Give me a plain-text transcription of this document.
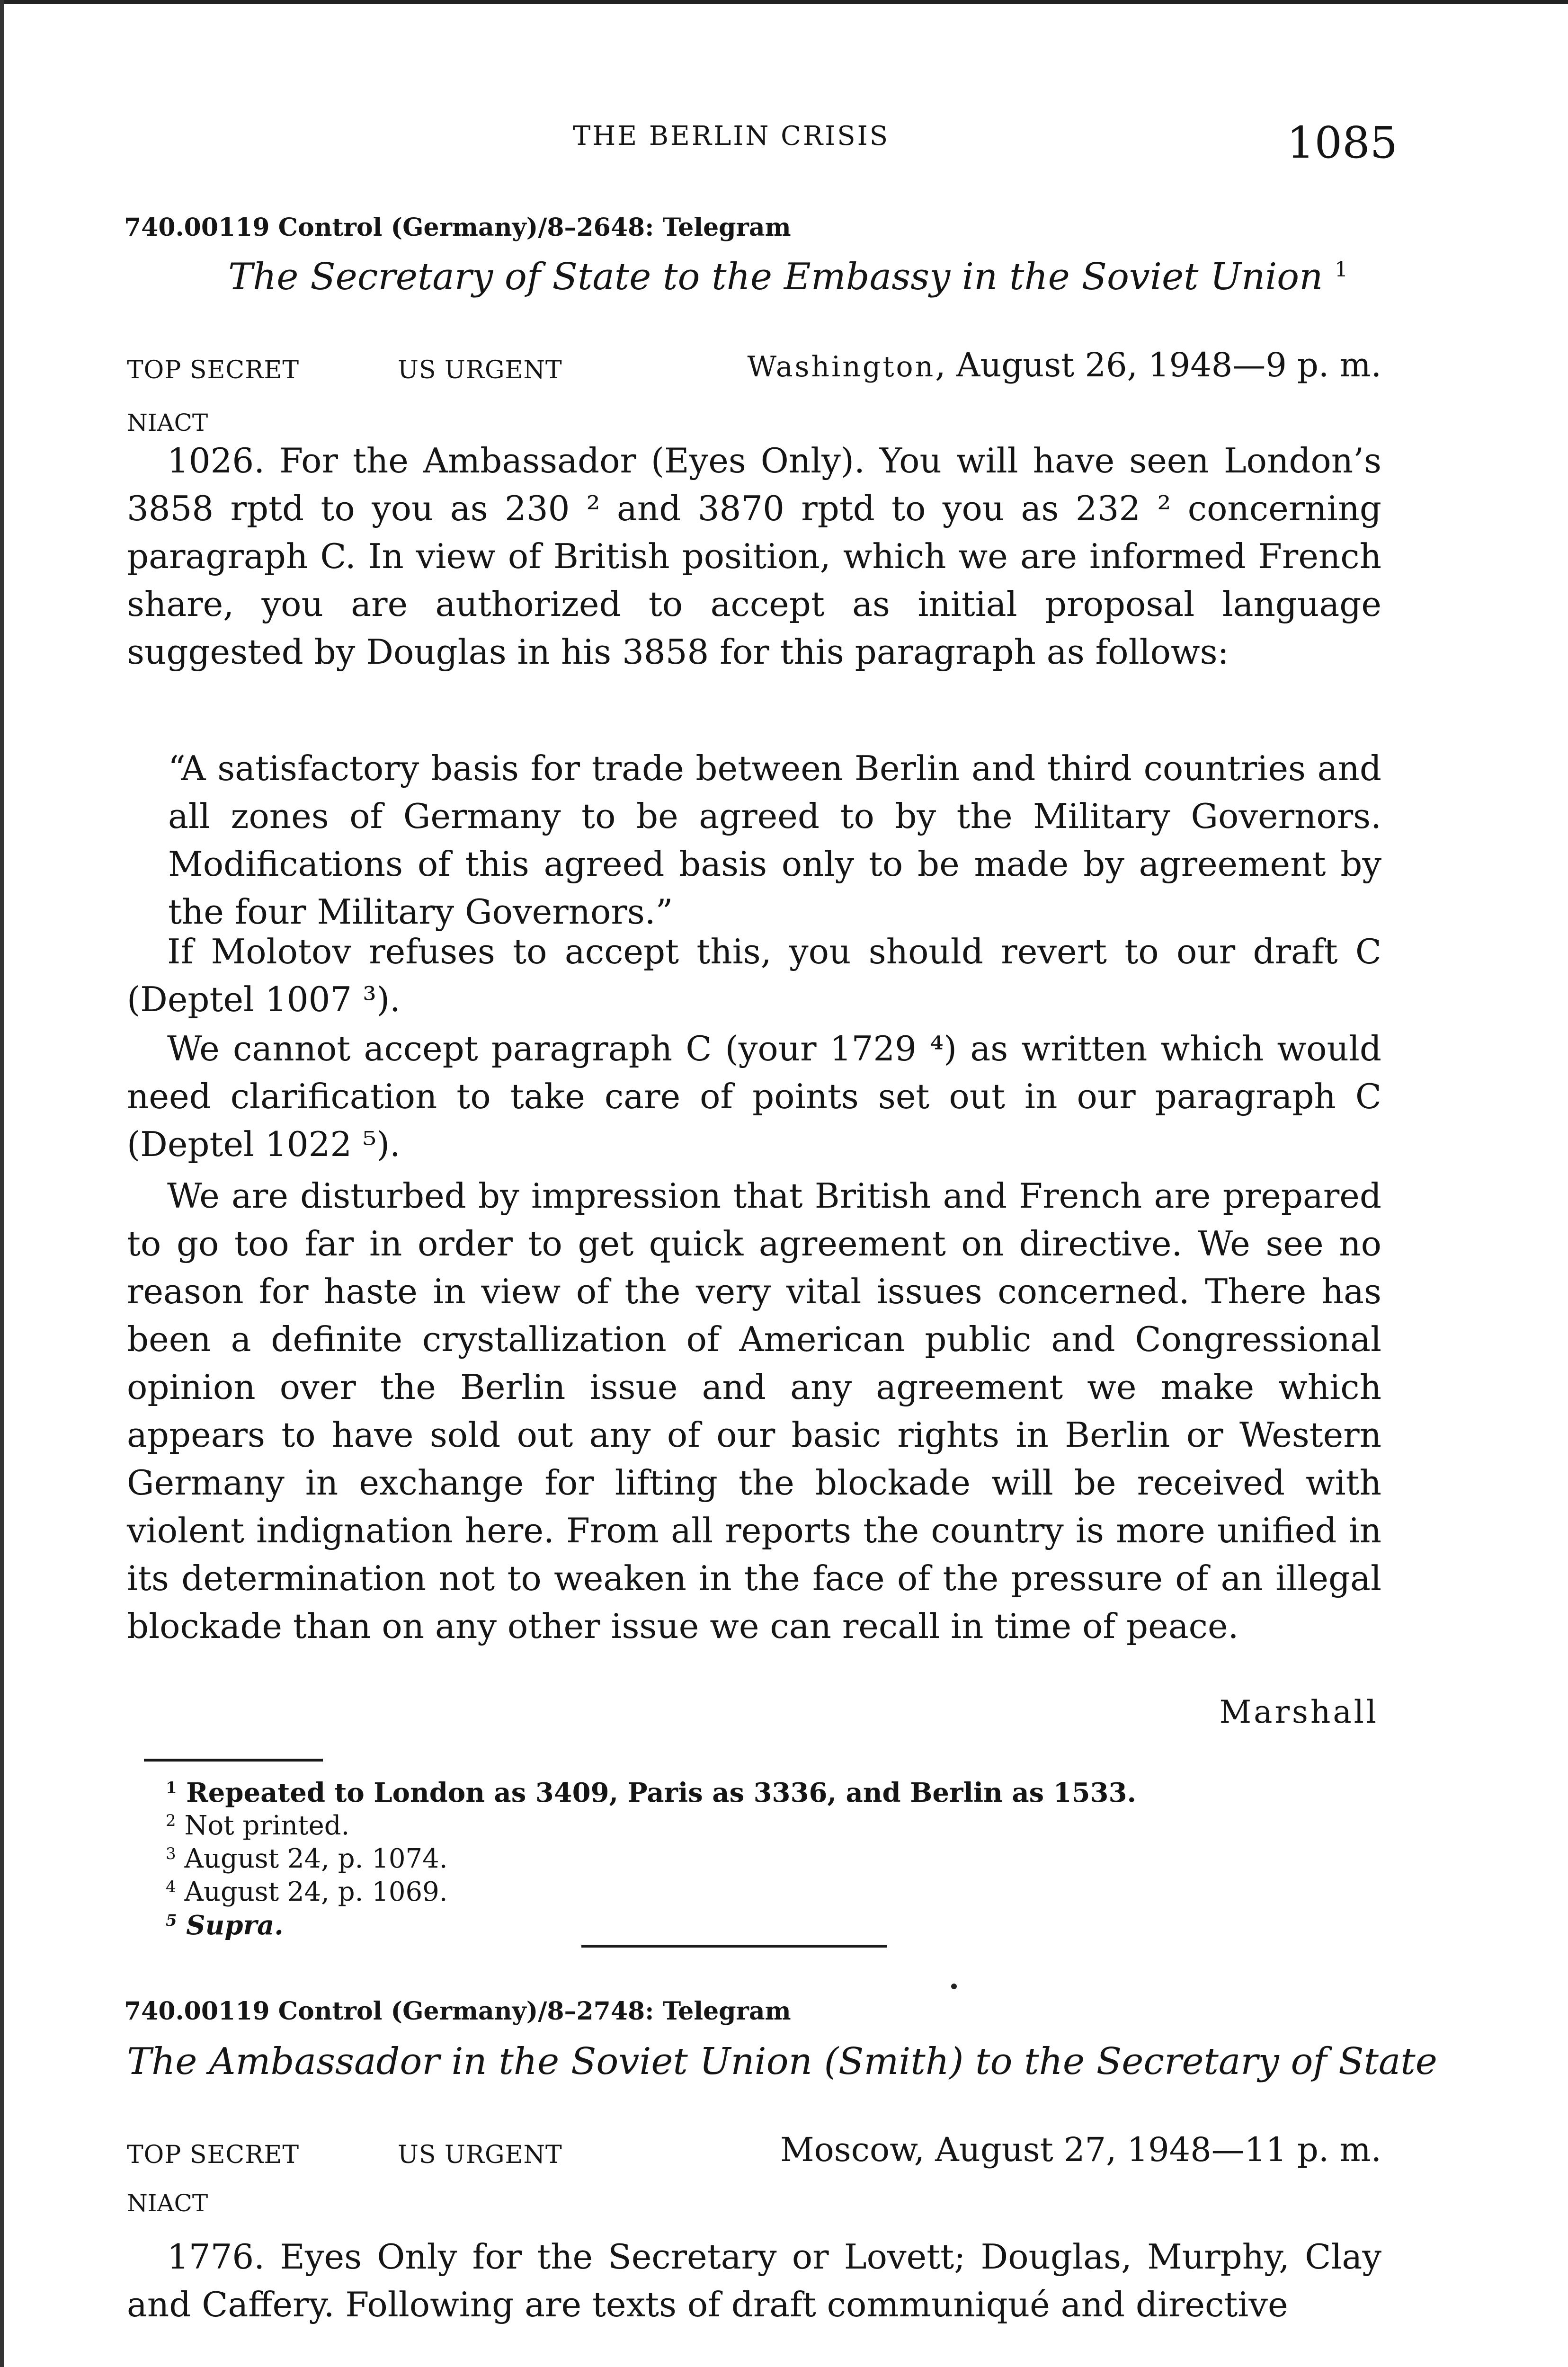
THE BERLIN CRISIS	1085
740.00119 Control (Germany)/8–2648: Telegram
The Secretary of State to the Embassy in the Soviet Union $^1$
TOP SECRET	US URGENT	Washington, August 26, 1948—9 p. m.
NIACT

1026. For the Ambassador (Eyes Only). You will have seen London’s 3858 rptd to you as 230 ² and 3870 rptd to you as 232 ² concerning paragraph C. In view of British position, which we are informed French share, you are authorized to accept as initial proposal language suggested by Douglas in his 3858 for this paragraph as follows:

“A satisfactory basis for trade between Berlin and third countries and all zones of Germany to be agreed to by the Military Governors. Modifications of this agreed basis only to be made by agreement by the four Military Governors.”

If Molotov refuses to accept this, you should revert to our draft C (Deptel 1007 ³).

We cannot accept paragraph C (your 1729 ⁴) as written which would need clarification to take care of points set out in our paragraph C (Deptel 1022 ⁵).

We are disturbed by impression that British and French are prepared to go too far in order to get quick agreement on directive. We see no reason for haste in view of the very vital issues concerned. There has been a definite crystallization of American public and Congressional opinion over the Berlin issue and any agreement we make which appears to have sold out any of our basic rights in Berlin or Western Germany in exchange for lifting the blockade will be received with violent indignation here. From all reports the country is more unified in its determination not to weaken in the face of the pressure of an illegal blockade than on any other issue we can recall in time of peace.

Marshall
$^1$ Repeated to London as 3409, Paris as 3336, and Berlin as 1533.
$^2$ Not printed.
$^3$ August 24, p. 1074.
$^4$ August 24, p. 1069.
$^5$ Supra.
740.00119 Control (Germany)/8–2748: Telegram
The Ambassador in the Soviet Union (Smith) to the Secretary of State
TOP SECRET	US URGENT	Moscow, August 27, 1948—11 p. m.
NIACT

1776. Eyes Only for the Secretary or Lovett; Douglas, Murphy, Clay and Caffery. Following are texts of draft communiqué and directive
